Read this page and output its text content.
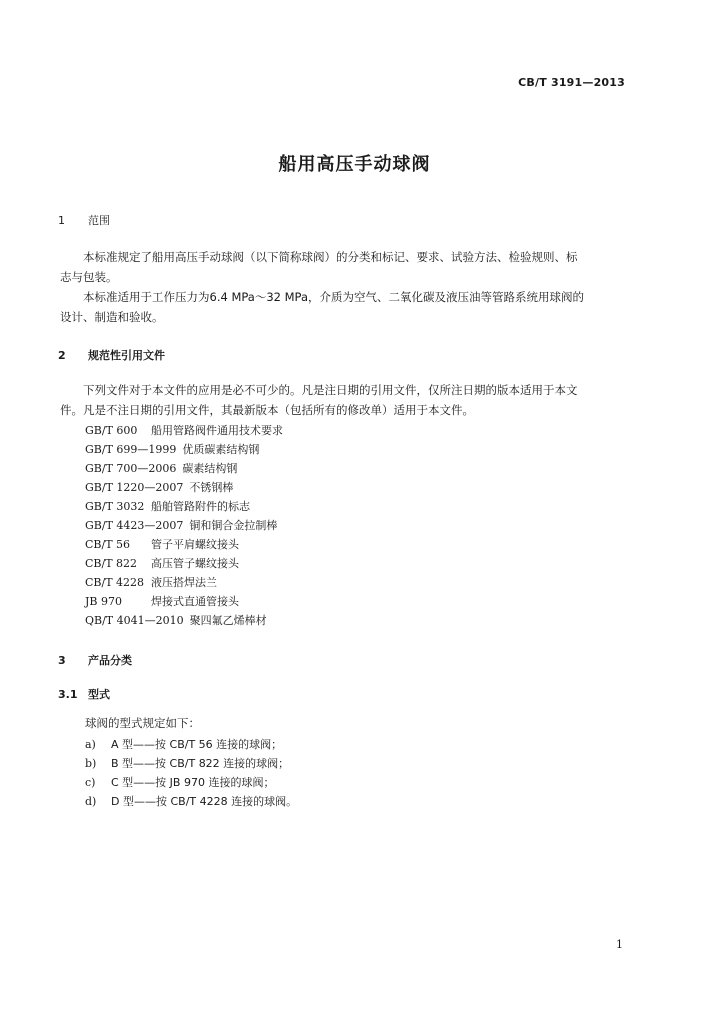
CB/T 3191—2013
船用高压手动球阀
1 范围
本标准规定了船用高压手动球阀（以下简称球阀）的分类和标记、要求、试验方法、检验规则、标
志与包装。
本标准适用于工作压力为6.4 MPa～32 MPa，介质为空气、二氧化碳及液压油等管路系统用球阀的
设计、制造和验收。
2 规范性引用文件
下列文件对于本文件的应用是必不可少的。凡是注日期的引用文件，仅所注日期的版本适用于本文
件。凡是不注日期的引用文件，其最新版本（包括所有的修改单）适用于本文件。
GB/T 600 船用管路阀件通用技术要求
GB/T 699—1999 优质碳素结构钢
GB/T 700—2006 碳素结构钢
GB/T 1220—2007 不锈钢棒
GB/T 3032 船舶管路附件的标志
GB/T 4423—2007 铜和铜合金拉制棒
CB/T 56 管子平肩螺纹接头
CB/T 822 高压管子螺纹接头
CB/T 4228 液压搭焊法兰
JB 970	焊接式直通管接头
QB/T 4041—2010 聚四氟乙烯棒材
3 产品分类
3.1 型式
球阀的型式规定如下：
a) A 型——按 CB/T 56 连接的球阀；
b) B 型——按 CB/T 822 连接的球阀；
c) C 型——按 JB 970 连接的球阀；
d) D 型——按 CB/T 4228 连接的球阀。
1
